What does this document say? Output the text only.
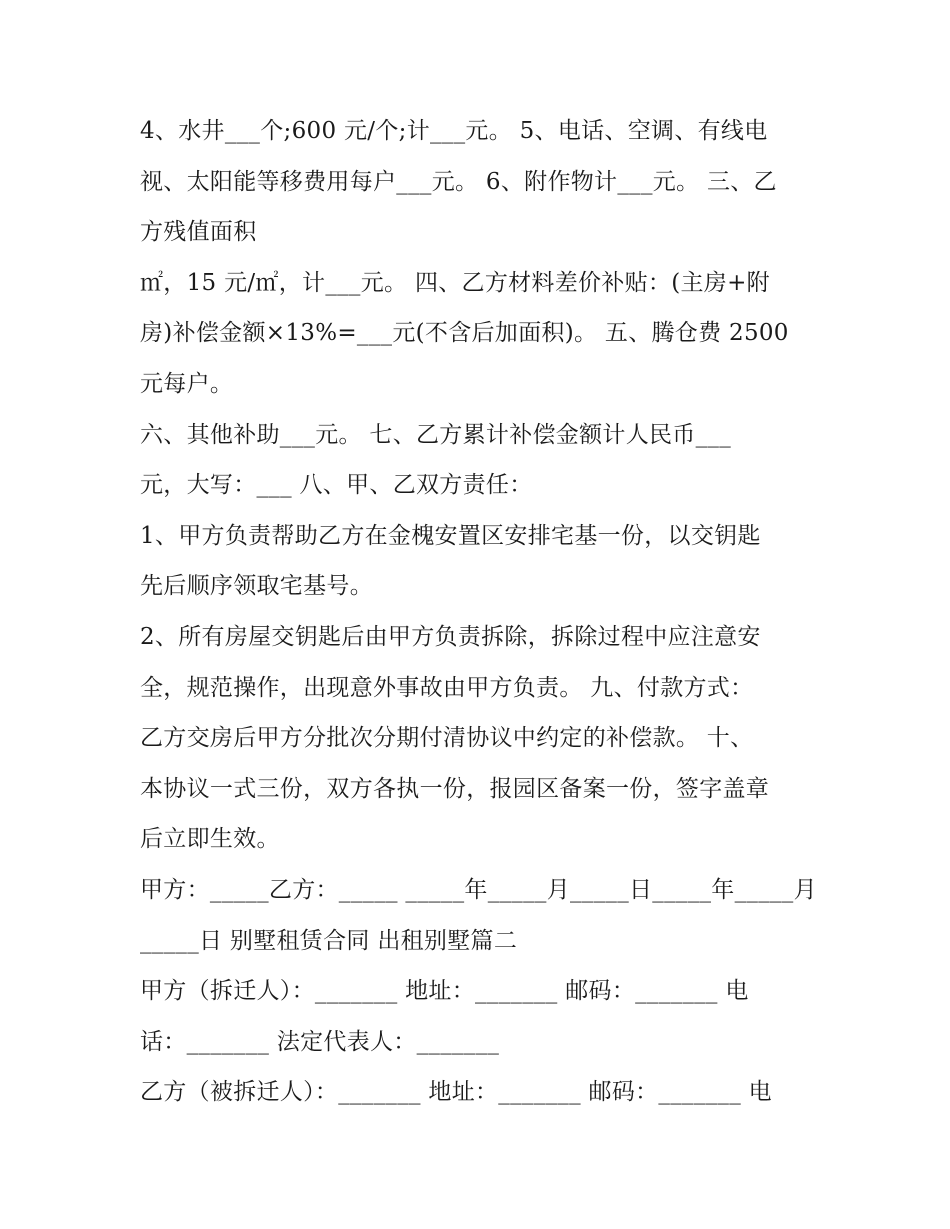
4、水井___个;600 元/个;计___元。 5、电话、空调、有线电
视、太阳能等移费用每户___元。 6、附作物计___元。 三、乙
方残值面积
㎡，15 元/㎡，计___元。 四、乙方材料差价补贴：(主房+附
房)补偿金额×13%=___元(不含后加面积)。 五、腾仓费 2500
元每户。
六、其他补助___元。 七、乙方累计补偿金额计人民币___
元，大写：___ 八、甲、乙双方责任：
1、甲方负责帮助乙方在金槐安置区安排宅基一份，以交钥匙
先后顺序领取宅基号。
2、所有房屋交钥匙后由甲方负责拆除，拆除过程中应注意安
全，规范操作，出现意外事故由甲方负责。 九、付款方式：
乙方交房后甲方分批次分期付清协议中约定的补偿款。 十、
本协议一式三份，双方各执一份，报园区备案一份，签字盖章
后立即生效。
甲方：_____乙方：_____ _____年_____月_____日_____年_____月
_____日 别墅租赁合同 出租别墅篇二
甲方（拆迁人）：_______ 地址：_______ 邮码：_______ 电
话：_______ 法定代表人：_______
乙方（被拆迁人）：_______ 地址：_______ 邮码：_______ 电
